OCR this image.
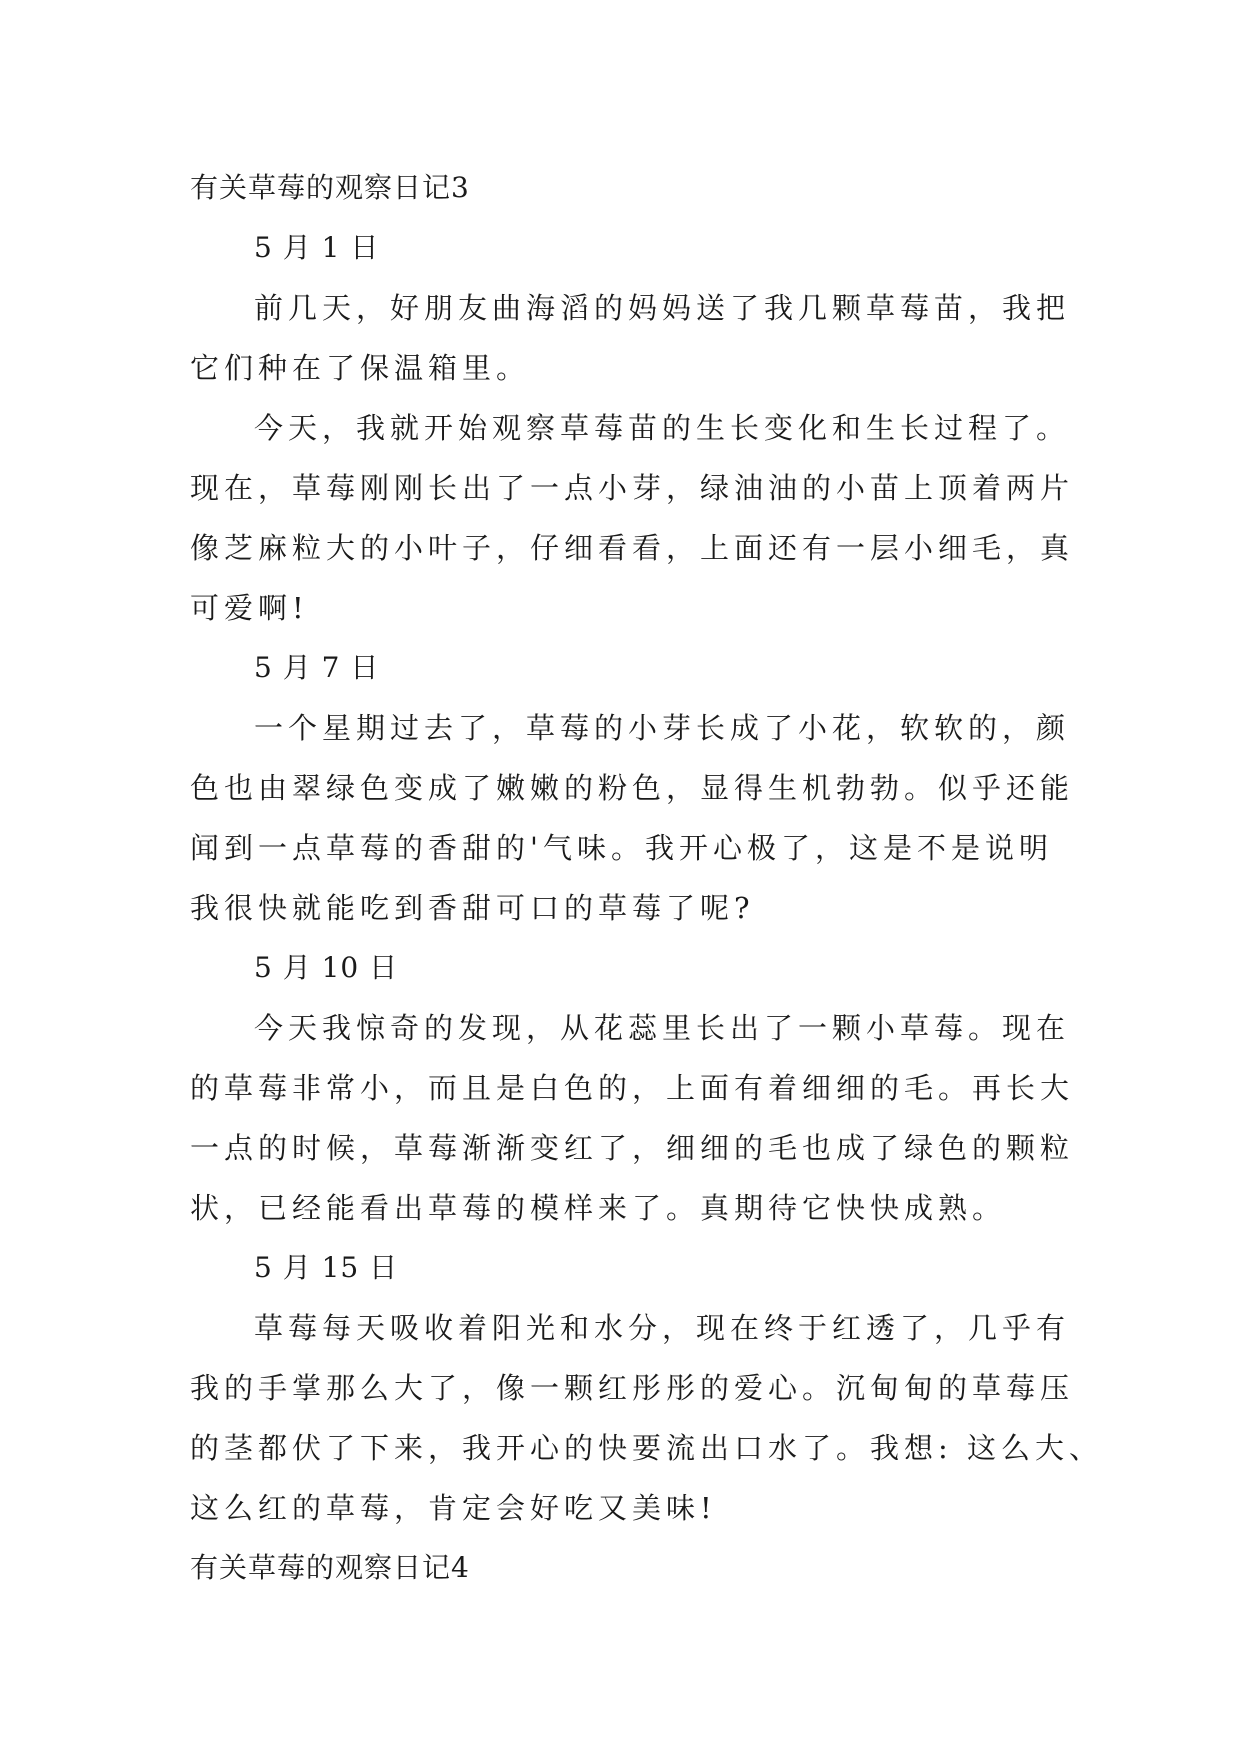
有关草莓的观察日记3
5 月 1 日

前几天，好朋友曲海滔的妈妈送了我几颗草莓苗，我把
它们种在了保温箱里。

今天，我就开始观察草莓苗的生长变化和生长过程了。
现在，草莓刚刚长出了一点小芽，绿油油的小苗上顶着两片
像芝麻粒大的小叶子，仔细看看，上面还有一层小细毛，真
可爱啊!

5 月 7 日

一个星期过去了，草莓的小芽长成了小花，软软的，颜
色也由翠绿色变成了嫩嫩的粉色，显得生机勃勃。似乎还能
闻到一点草莓的香甜的'气味。我开心极了，这是不是说明
我很快就能吃到香甜可口的草莓了呢?

5 月 10 日

今天我惊奇的发现，从花蕊里长出了一颗小草莓。现在
的草莓非常小，而且是白色的，上面有着细细的毛。再长大
一点的时候，草莓渐渐变红了，细细的毛也成了绿色的颗粒
状，已经能看出草莓的模样来了。真期待它快快成熟。

5 月 15 日

草莓每天吸收着阳光和水分，现在终于红透了，几乎有
我的手掌那么大了，像一颗红彤彤的爱心。沉甸甸的草莓压
的茎都伏了下来，我开心的快要流出口水了。我想: 这么大、
这么红的草莓，肯定会好吃又美味!

有关草莓的观察日记4
